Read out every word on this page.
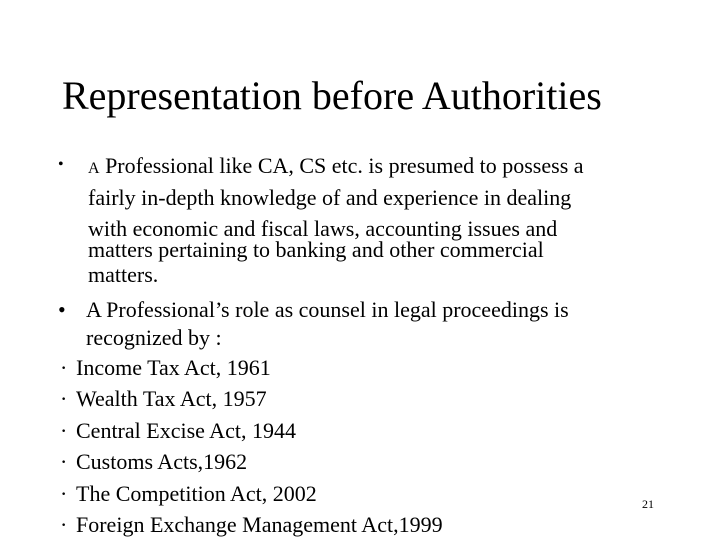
Representation before Authorities
• A Professional like CA, CS etc. is presumed to possess a
fairly in-depth knowledge of and experience in dealing
with economic and fiscal laws, accounting issues and
matters pertaining to banking and other commercial
matters.
• A Professional’s role as counsel in legal proceedings is
recognized by :
· Income Tax Act, 1961
· Wealth Tax Act, 1957
· Central Excise Act, 1944
· Customs Acts,1962
· The Competition Act, 2002
· Foreign Exchange Management Act,1999
21
